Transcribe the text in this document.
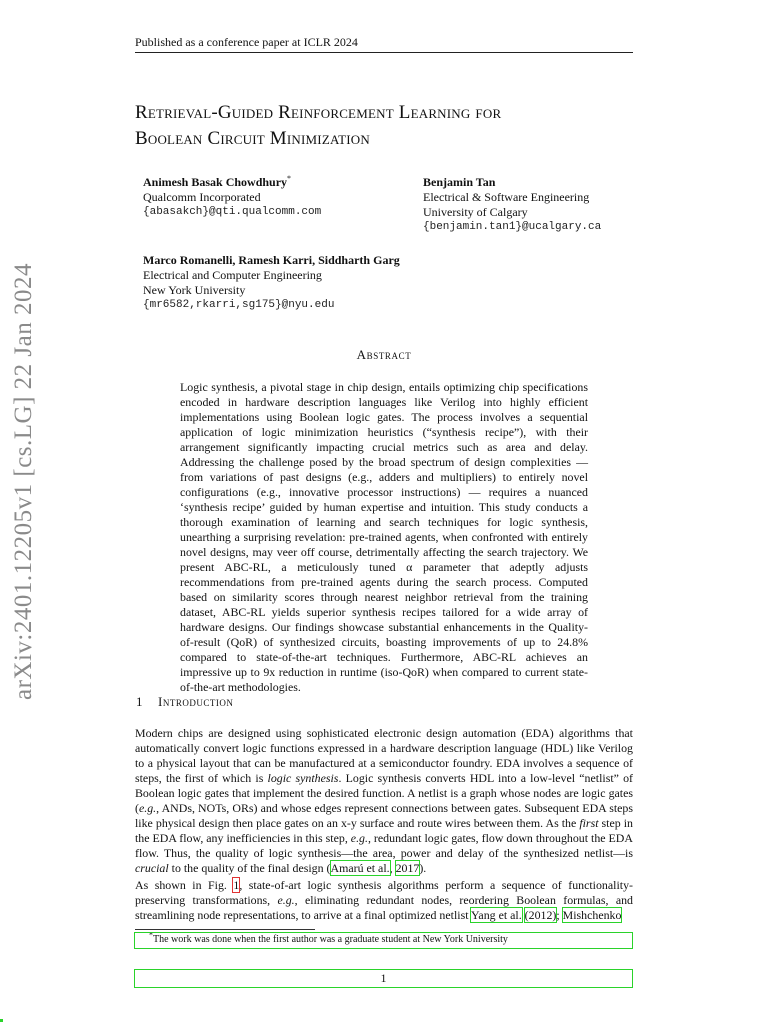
Published as a conference paper at ICLR 2024
Retrieval-Guided Reinforcement Learning for
Boolean Circuit Minimization
Animesh Basak Chowdhury*
Qualcomm Incorporated
{abasakch}@qti.qualcomm.com
Benjamin Tan
Electrical & Software Engineering
University of Calgary
{benjamin.tan1}@ucalgary.ca
Marco Romanelli, Ramesh Karri, Siddharth Garg
Electrical and Computer Engineering
New York University
{mr6582,rkarri,sg175}@nyu.edu
Abstract
Logic synthesis, a pivotal stage in chip design, entails optimizing chip specifications encoded in hardware description languages like Verilog into highly efficient implementations using Boolean logic gates. The process involves a sequential application of logic minimization heuristics (“synthesis recipe”), with their arrangement significantly impacting crucial metrics such as area and delay. Addressing the challenge posed by the broad spectrum of design complexities — from variations of past designs (e.g., adders and multipliers) to entirely novel configurations (e.g., innovative processor instructions) — requires a nuanced ‘synthesis recipe’ guided by human expertise and intuition. This study conducts a thorough examination of learning and search techniques for logic synthesis, unearthing a surprising revelation: pre-trained agents, when confronted with entirely novel designs, may veer off course, detrimentally affecting the search trajectory. We present ABC-RL, a meticulously tuned α parameter that adeptly adjusts recommendations from pre-trained agents during the search process. Computed based on similarity scores through nearest neighbor retrieval from the training dataset, ABC-RL yields superior synthesis recipes tailored for a wide array of hardware designs. Our findings showcase substantial enhancements in the Quality-of-result (QoR) of synthesized circuits, boasting improvements of up to 24.8% compared to state-of-the-art techniques. Furthermore, ABC-RL achieves an impressive up to 9x reduction in runtime (iso-QoR) when compared to current state-of-the-art methodologies.
1 Introduction
Modern chips are designed using sophisticated electronic design automation (EDA) algorithms that automatically convert logic functions expressed in a hardware description language (HDL) like Verilog to a physical layout that can be manufactured at a semiconductor foundry. EDA involves a sequence of steps, the first of which is logic synthesis. Logic synthesis converts HDL into a low-level “netlist” of Boolean logic gates that implement the desired function. A netlist is a graph whose nodes are logic gates (e.g., ANDs, NOTs, ORs) and whose edges represent connections between gates. Subsequent EDA steps like physical design then place gates on an x-y surface and route wires between them. As the first step in the EDA flow, any inefficiencies in this step, e.g., redundant logic gates, flow down throughout the EDA flow. Thus, the quality of logic synthesis—the area, power and delay of the synthesized netlist—is crucial to the quality of the final design (Amarú et al., 2017).
As shown in Fig. 1, state-of-art logic synthesis algorithms perform a sequence of functionality-preserving transformations, e.g., eliminating redundant nodes, reordering Boolean formulas, and streamlining node representations, to arrive at a final optimized netlist Yang et al. (2012); Mishchenko
*The work was done when the first author was a graduate student at New York University
1
arXiv:2401.12205v1 [cs.LG] 22 Jan 2024
